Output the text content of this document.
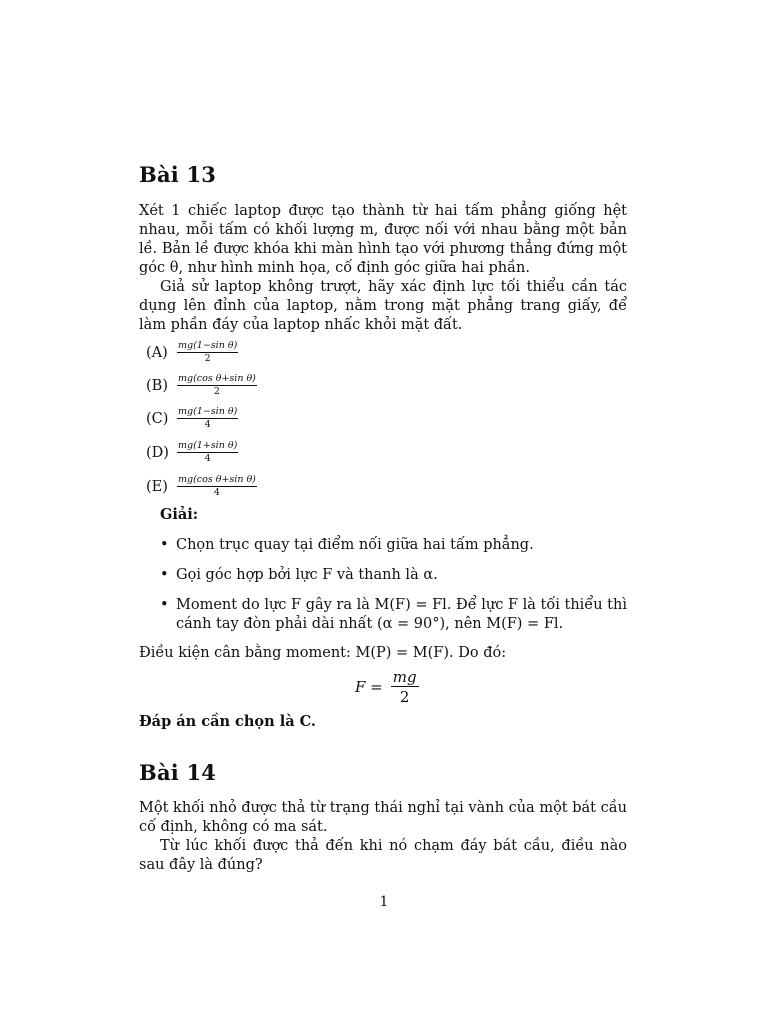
Bài 13
Xét 1 chiếc laptop được tạo thành từ hai tấm phẳng giống hệt nhau, mỗi tấm có khối lượng m, được nối với nhau bằng một bản lề. Bản lề được khóa khi màn hình tạo với phương thẳng đứng một góc θ, như hình minh họa, cố định góc giữa hai phần.
Giả sử laptop không trượt, hãy xác định lực tối thiểu cần tác dụng lên đỉnh của laptop, nằm trong mặt phẳng trang giấy, để làm phần đáy của laptop nhấc khỏi mặt đất.
$(A) \frac{\text{mg(1−sin θ)}}{2}$
$(B) \frac{\text{mg(cos θ+sin θ)}}{2}$
$(C) \frac{\text{mg(1−sin θ)}}{4}$
$(D) \frac{\text{mg(1+sin θ)}}{4}$
$(E) \frac{\text{mg(cos θ+sin θ)}}{4}$
Giải:
• Chọn trục quay tại điểm nối giữa hai tấm phẳng.
• Gọi góc hợp bởi lực F và thanh là α.
• Moment do lực F gây ra là M(F) = Fl. Để lực F là tối thiểu thì cánh tay đòn phải dài nhất (α = 90°), nên M(F) = Fl.
Điều kiện cân bằng moment: M(P) = M(F). Do đó:
$F = \frac{mg}{2}$
Đáp án cần chọn là C.
Bài 14
Một khối nhỏ được thả từ trạng thái nghỉ tại vành của một bát cầu cố định, không có ma sát.
Từ lúc khối được thả đến khi nó chạm đáy bát cầu, điều nào sau đây là đúng?
1
